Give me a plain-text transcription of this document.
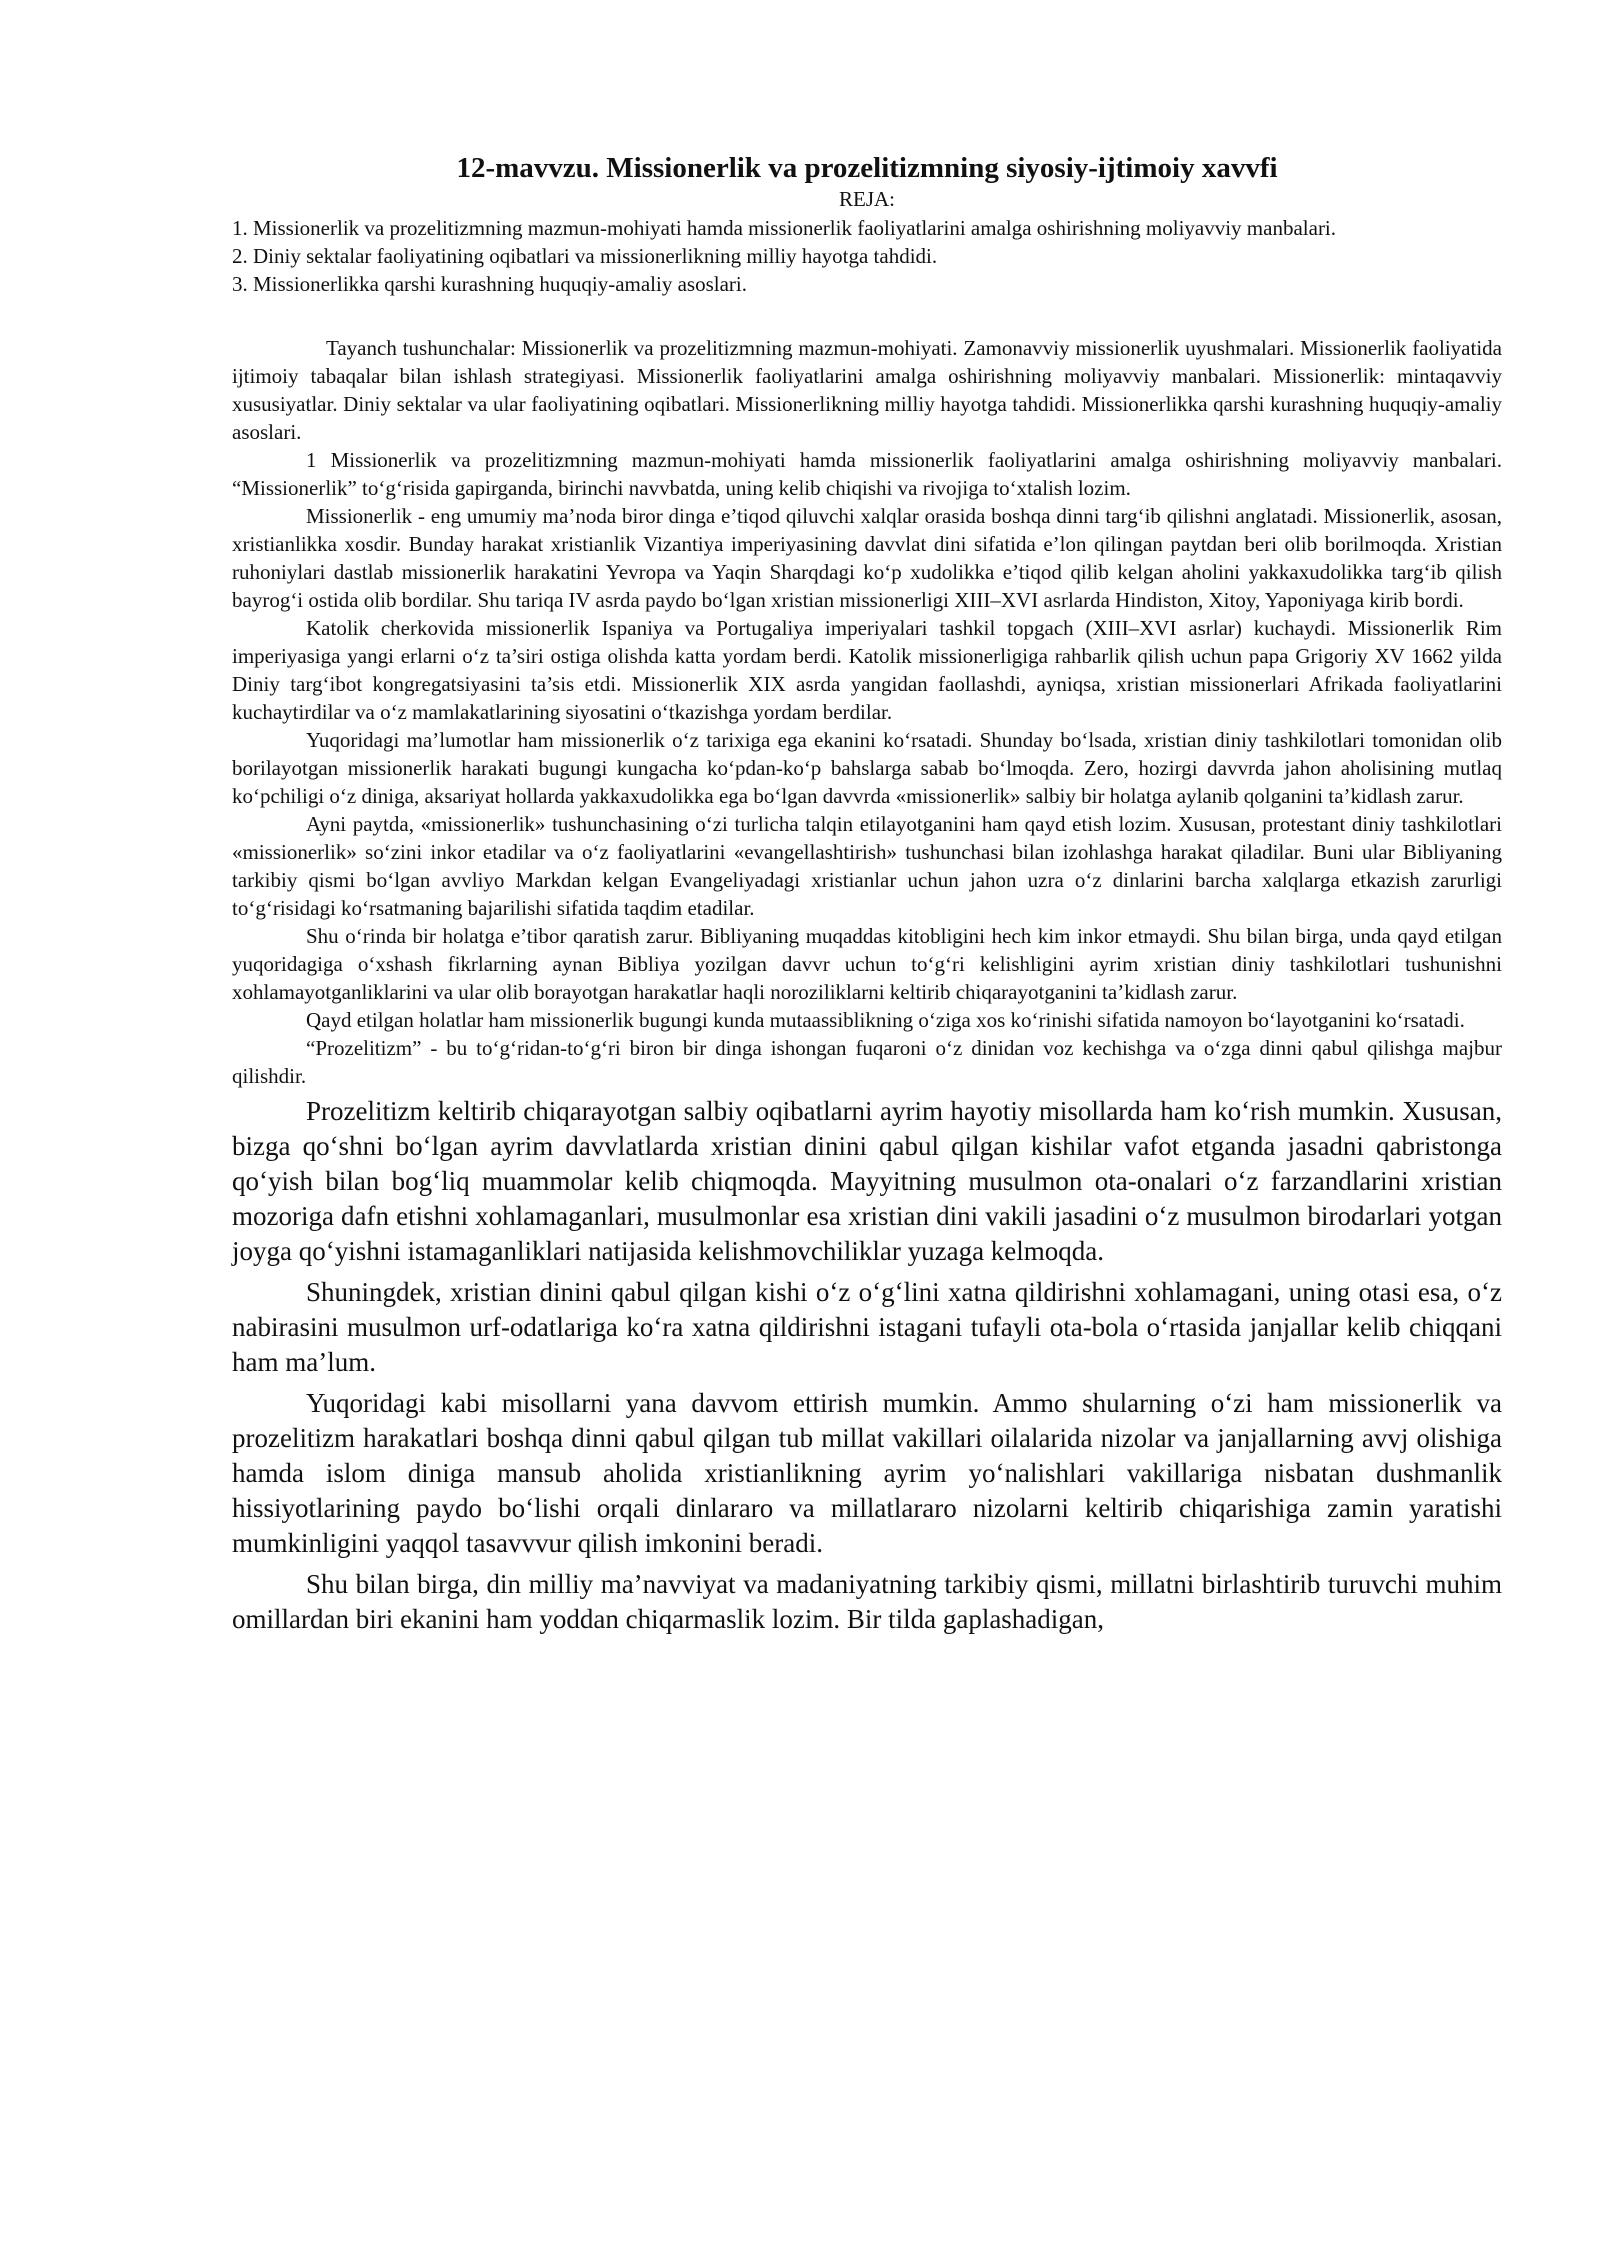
12-mavvzu. Missionerlik va prozelitizmning siyosiy-ijtimoiy xavvfi
REJA:

1. Missionerlik va prozelitizmning mazmun-mohiyati hamda missionerlik faoliyatlarini amalga oshirishning moliyavviy manbalari.

2. Diniy sektalar faoliyatining oqibatlari va missionerlikning milliy hayotga tahdidi.

3. Missionerlikka qarshi kurashning huquqiy-amaliy asoslari.

Tayanch tushunchalar: Missionerlik va prozelitizmning mazmun-mohiyati. Zamonavviy missionerlik uyushmalari. Missionerlik faoliyatida ijtimoiy tabaqalar bilan ishlash strategiyasi. Missionerlik faoliyatlarini amalga oshirishning moliyavviy manbalari. Missionerlik: mintaqavviy xususiyatlar. Diniy sektalar va ular faoliyatining oqibatlari. Missionerlikning milliy hayotga tahdidi. Missionerlikka qarshi kurashning huquqiy-amaliy asoslari.

1 Missionerlik va prozelitizmning mazmun-mohiyati hamda missionerlik faoliyatlarini amalga oshirishning moliyavviy manbalari. “Missionerlik” to‘g‘risida gapirganda, birinchi navvbatda, uning kelib chiqishi va rivojiga to‘xtalish lozim.

Missionerlik - eng umumiy ma’noda biror dinga e’tiqod qiluvchi xalqlar orasida boshqa dinni targ‘ib qilishni anglatadi. Missionerlik, asosan, xristianlikka xosdir. Bunday harakat xristianlik Vizantiya imperiyasining davvlat dini sifatida e’lon qilingan paytdan beri olib borilmoqda. Xristian ruhoniylari dastlab missionerlik harakatini Yevropa va Yaqin Sharqdagi ko‘p xudolikka e’tiqod qilib kelgan aholini yakkaxudolikka targ‘ib qilish bayrog‘i ostida olib bordilar. Shu tariqa IV asrda paydo bo‘lgan xristian missionerligi XIII–XVI asrlarda Hindiston, Xitoy, Yaponiyaga kirib bordi.

Katolik cherkovida missionerlik Ispaniya va Portugaliya imperiyalari tashkil topgach (XIII–XVI asrlar) kuchaydi. Missionerlik Rim imperiyasiga yangi erlarni o‘z ta’siri ostiga olishda katta yordam berdi. Katolik missionerligiga rahbarlik qilish uchun papa Grigoriy XV 1662 yilda Diniy targ‘ibot kongregatsiyasini ta’sis etdi. Missionerlik XIX asrda yangidan faollashdi, ayniqsa, xristian missionerlari Afrikada faoliyatlarini kuchaytirdilar va o‘z mamlakatlarining siyosatini o‘tkazishga yordam berdilar.

Yuqoridagi ma’lumotlar ham missionerlik o‘z tarixiga ega ekanini ko‘rsatadi. Shunday bo‘lsada, xristian diniy tashkilotlari tomonidan olib borilayotgan missionerlik harakati bugungi kungacha ko‘pdan-ko‘p bahslarga sabab bo‘lmoqda. Zero, hozirgi davvrda jahon aholisining mutlaq ko‘pchiligi o‘z diniga, aksariyat hollarda yakkaxudolikka ega bo‘lgan davvrda «missionerlik» salbiy bir holatga aylanib qolganini ta’kidlash zarur.

Ayni paytda, «missionerlik» tushunchasining o‘zi turlicha talqin etilayotganini ham qayd etish lozim. Xususan, protestant diniy tashkilotlari «missionerlik» so‘zini inkor etadilar va o‘z faoliyatlarini «evangellashtirish» tushunchasi bilan izohlashga harakat qiladilar. Buni ular Bibliyaning tarkibiy qismi bo‘lgan avvliyo Markdan kelgan Evangeliyadagi xristianlar uchun jahon uzra o‘z dinlarini barcha xalqlarga etkazish zarurligi to‘g‘risidagi ko‘rsatmaning bajarilishi sifatida taqdim etadilar.

Shu o‘rinda bir holatga e’tibor qaratish zarur. Bibliyaning muqaddas kitobligini hech kim inkor etmaydi. Shu bilan birga, unda qayd etilgan yuqoridagiga o‘xshash fikrlarning aynan Bibliya yozilgan davvr uchun to‘g‘ri kelishligini ayrim xristian diniy tashkilotlari tushunishni xohlamayotganliklarini va ular olib borayotgan harakatlar haqli noroziliklarni keltirib chiqarayotganini ta’kidlash zarur.

Qayd etilgan holatlar ham missionerlik bugungi kunda mutaassiblikning o‘ziga xos ko‘rinishi sifatida namoyon bo‘layotganini ko‘rsatadi.

“Prozelitizm” - bu to‘g‘ridan-to‘g‘ri biron bir dinga ishongan fuqaroni o‘z dinidan voz kechishga va o‘zga dinni qabul qilishga majbur qilishdir.

Prozelitizm keltirib chiqarayotgan salbiy oqibatlarni ayrim hayotiy misollarda ham ko‘rish mumkin. Xususan, bizga qo‘shni bo‘lgan ayrim davvlatlarda xristian dinini qabul qilgan kishilar vafot etganda jasadni qabristonga qo‘yish bilan bog‘liq muammolar kelib chiqmoqda. Mayyitning musulmon ota-onalari o‘z farzandlarini xristian mozoriga dafn etishni xohlamaganlari, musulmonlar esa xristian dini vakili jasadini o‘z musulmon birodarlari yotgan joyga qo‘yishni istamaganliklari natijasida kelishmovchiliklar yuzaga kelmoqda.

Shuningdek, xristian dinini qabul qilgan kishi o‘z o‘g‘lini xatna qildirishni xohlamagani, uning otasi esa, o‘z nabirasini musulmon urf-odatlariga ko‘ra xatna qildirishni istagani tufayli ota-bola o‘rtasida janjallar kelib chiqqani ham ma’lum.

Yuqoridagi kabi misollarni yana davvom ettirish mumkin. Ammo shularning o‘zi ham missionerlik va prozelitizm harakatlari boshqa dinni qabul qilgan tub millat vakillari oilalarida nizolar va janjallarning avvj olishiga hamda islom diniga mansub aholida xristianlikning ayrim yo‘nalishlari vakillariga nisbatan dushmanlik hissiyotlarining paydo bo‘lishi orqali dinlararo va millatlararo nizolarni keltirib chiqarishiga zamin yaratishi mumkinligini yaqqol tasavvvur qilish imkonini beradi.

Shu bilan birga, din milliy ma’navviyat va madaniyatning tarkibiy qismi, millatni birlashtirib turuvchi muhim omillardan biri ekanini ham yoddan chiqarmaslik lozim. Bir tilda gaplashadigan,
